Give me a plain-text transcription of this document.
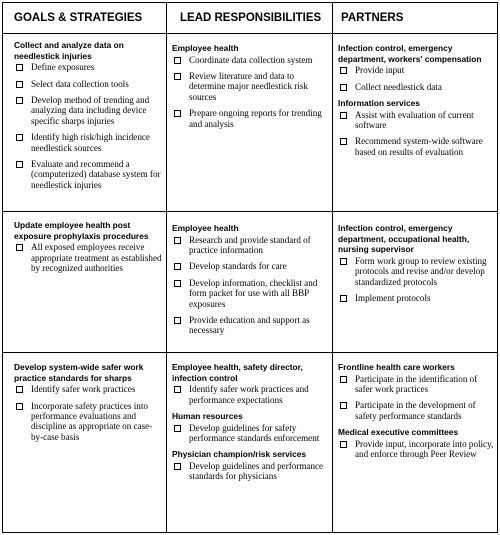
GOALS & STRATEGIES	LEAD RESPONSIBILITIES	PARTNERS
Collect and analyze data on needlestick injuries
Define exposures
Select data collection tools
Develop method of trending and analyzing data including device specific sharps injuries
Identify high risk/high incidence needlestick sources
Evaluate and recommend a (computerized) database system for needlestick injuries
Employee health
Coordinate data collection system
Review literature and data to determine major needlestick risk sources
Prepare ongoing reports for trending and analysis
Infection control, emergency department, workers' compensation
Provide input
Collect needlestick data
Information services
Assist with evaluation of current software
Recommend system-wide software based on results of evaluation
Update employee health post exposure prophylaxis procedures
All exposed employees receive appropriate treatment as established by recognized authorities
Employee health
Research and provide standard of practice information
Develop standards for care
Develop information, checklist and form packet for use with all BBP exposures
Provide education and support as necessary
Infection control, emergency department, occupational health, nursing supervisor
Form work group to review existing protocols and revise and/or develop standardized protocols
Implement protocols
Develop system-wide safer work practice standards for sharps
Identify safer work practices
Incorporate safety practices into performance evaluations and discipline as appropriate on case-by-case basis
Employee health, safety director, infection control
Identify safer work practices and performance expectations
Human resources
Develop guidelines for safety performance standards enforcement
Physician champion/risk services
Develop guidelines and performance standards for physicians
Frontline health care workers
Participate in the identification of safer work practices
Participate in the development of safety performance standards
Medical executive committees
Provide input, incorporate into policy, and enforce through Peer Review
